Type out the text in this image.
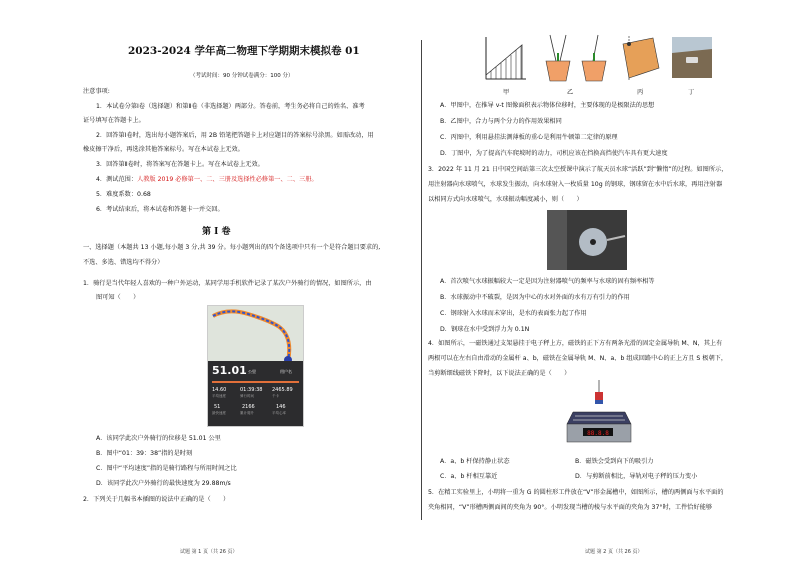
2023-2024 学年高二物理下学期期末模拟卷 01
（考试时间：90 分钟试卷满分：100 分）
注意事项:
1．本试卷分第Ⅰ卷（选择题）和第Ⅱ卷（非选择题）两部分。答卷前，考生务必将自己的姓名、准考
证号填写在答题卡上。
2．回答第Ⅰ卷时，选出每小题答案后，用 2B 铅笔把答题卡上对应题目的答案标号涂黑。如需改动，用
橡皮擦干净后，再选涂其他答案标号。写在本试卷上无效。
3．回答第Ⅱ卷时，将答案写在答题卡上。写在本试卷上无效。
4．测试范围：人教版 2019 必修第一、二、三册及选择性必修第一、二、三册。
5．难度系数：0.68
6．考试结束后，将本试卷和答题卡一并交回。
第 I 卷
一、选择题（本题共 13 小题,每小题 3 分,共 39 分。每小题列出的四个备选项中只有一个是符合题目要求的,
不选、多选、错选均不得分）
1．骑行是当代年轻人喜欢的一种户外运动，某同学用手机软件记录了某次户外骑行的情况，如图所示，由
图可知（　　）
51.01 公里	用户名
14.60	01:39:38 2465.89
平均速度	骑行时间	千卡
51	2166	146
最快速度	累计爬升	平均心率
A．该同学此次户外骑行的位移是 51.01 公里
B．图中“01：39：38”指的是时刻
C．图中“平均速度”指的是骑行路程与所用时间之比
D．该同学此次户外骑行的最快速度为 29.88m/s
2．下列关于几幅书本插图的说法中正确的是（　　）
试题 第 1 页（共 26 页）
甲	乙	丙	丁
A．甲图中，在推导 v-t 图像面积表示物体位移时，主要体现的是极限法的思想
B．乙图中，合力与两个分力的作用效果相同
C．丙图中，利用悬挂法测薄板的重心是利用牛顿第二定律的原理
D．丁图中，为了提高汽车爬坡时的动力，司机应该在挡换高挡使汽车具有更大速度
3．2022 年 11 月 21 日中国空间站第三次太空授课中演示了航天员水球“活跃”到“懒惰”的过程。如图所示，
用注射器向水球喷气，水球发生振动，向水球射入一枚质量 10g 的钢球，钢球留在水中后水球，再用注射器
以相同方式向水球喷气，水球振动幅度减小，则（　　）
A．首次喷气水球振幅较大一定是因为注射器喷气的频率与水球的固有频率相等
B．水球振动中不破裂，是因为中心的水对外面的水有万有引力的作用
C．钢球射入水球而未穿出，是水的表面张力起了作用
D．钢球在水中受到浮力为 0.1N
4．如图所示，一磁铁通过支架悬挂于电子秤上方，磁铁的正下方有两条光滑的固定金属导轨 M、N，其上有
两根可以在左右自由滑动的金属杆 a、b，磁铁在金属导轨 M、N、a、b 组成回路中心的正上方且 S 极朝下，
当剪断细线磁铁下降时，以下说法正确的是（　　）
88.8.8
A．a、b 杆保持静止状态	B．磁铁会受到向下的吸引力
C．a、b 杆相互靠近	D．与剪断前相比，导轨对电子秤的压力变小
5．在精工实验里上，小明将一重为 G 的圆柱形工件放在“V”形金属槽中，如图所示，槽的两侧面与水平面的
夹角相同，“V”形槽两侧面间的夹角为 90°。小明发现当槽的棱与水平面的夹角为 37°时，工件恰好能够
试题 第 2 页（共 26 页）
